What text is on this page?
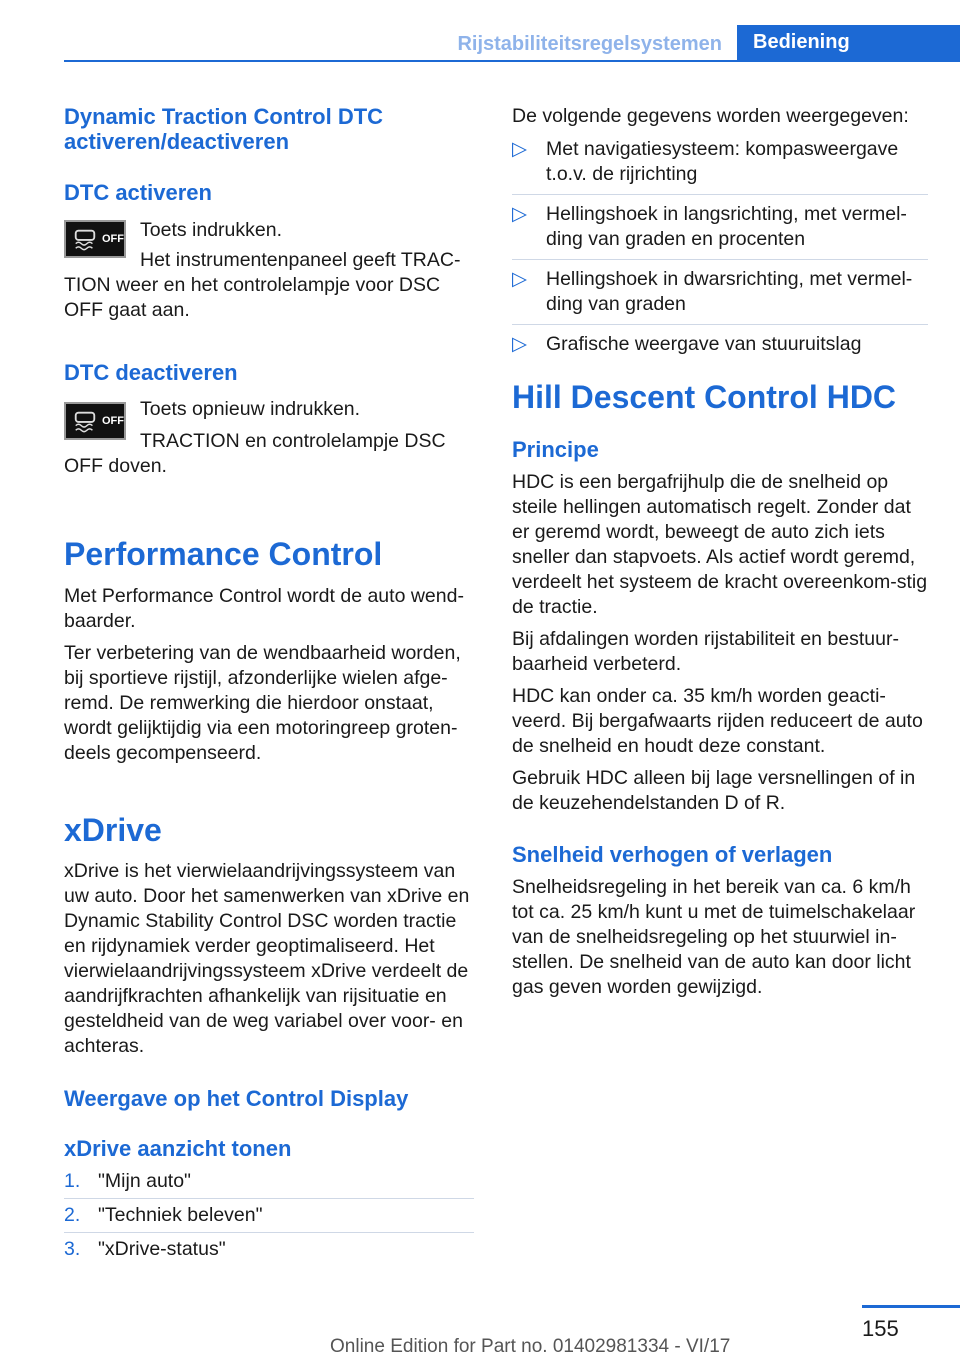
Rijstabiliteitsregelsystemen	Bediening
Dynamic Traction Control DTC activeren/deactiveren
DTC activeren
OFF Toets indrukken.

Het instrumentenpaneel geeft TRAC-TION weer en het controlelampje voor DSC OFF gaat aan.

DTC deactiveren
OFF

Toets opnieuw indrukken.

TRACTION en controlelampje DSC OFF doven.

Performance Control

Met Performance Control wordt de auto wend-baarder.

Ter verbetering van de wendbaarheid worden, bij sportieve rijstijl, afzonderlijke wielen afge-remd. De remwerking die hierdoor onstaat, wordt gelijktijdig via een motoringreep groten-deels gecompenseerd.

xDrive

xDrive is het vierwielaandrijvingssysteem van uw auto. Door het samenwerken van xDrive en Dynamic Stability Control DSC worden tractie en rijdynamiek verder geoptimaliseerd. Het vierwielaandrijvingssysteem xDrive verdeelt de aandrijfkrachten afhankelijk van rijsituatie en gesteldheid van de weg variabel over voor- en achteras.

Weergave op het Control Display
xDrive aanzicht tonen
1. "Mijn auto"
2. "Techniek beleven"
3. "xDrive-status"

De volgende gegevens worden weergegeven:

▷ Met navigatiesysteem: kompasweergave t.o.v. de rijrichting
▷ Hellingshoek in langsrichting, met vermel-ding van graden en procenten
▷ Hellingshoek in dwarsrichting, met vermel-ding van graden
▷ Grafische weergave van stuuruitslag
Hill Descent Control HDC
Principe

HDC is een bergafrijhulp die de snelheid op steile hellingen automatisch regelt. Zonder dat er geremd wordt, beweegt de auto zich iets sneller dan stapvoets. Als actief wordt geremd, verdeelt het systeem de kracht overeenkom-stig de tractie.

Bij afdalingen worden rijstabiliteit en bestuur-baarheid verbeterd.

HDC kan onder ca. 35 km/h worden geacti-veerd. Bij bergafwaarts rijden reduceert de auto de snelheid en houdt deze constant.

Gebruik HDC alleen bij lage versnellingen of in de keuzehendelstanden D of R.

Snelheid verhogen of verlagen

Snelheidsregeling in het bereik van ca. 6 km/h tot ca. 25 km/h kunt u met de tuimelschakelaar van de snelheidsregeling op het stuurwiel in-stellen. De snelheid van de auto kan door licht gas geven worden gewijzigd.

155
Online Edition for Part no. 01402981334 - VI/17
